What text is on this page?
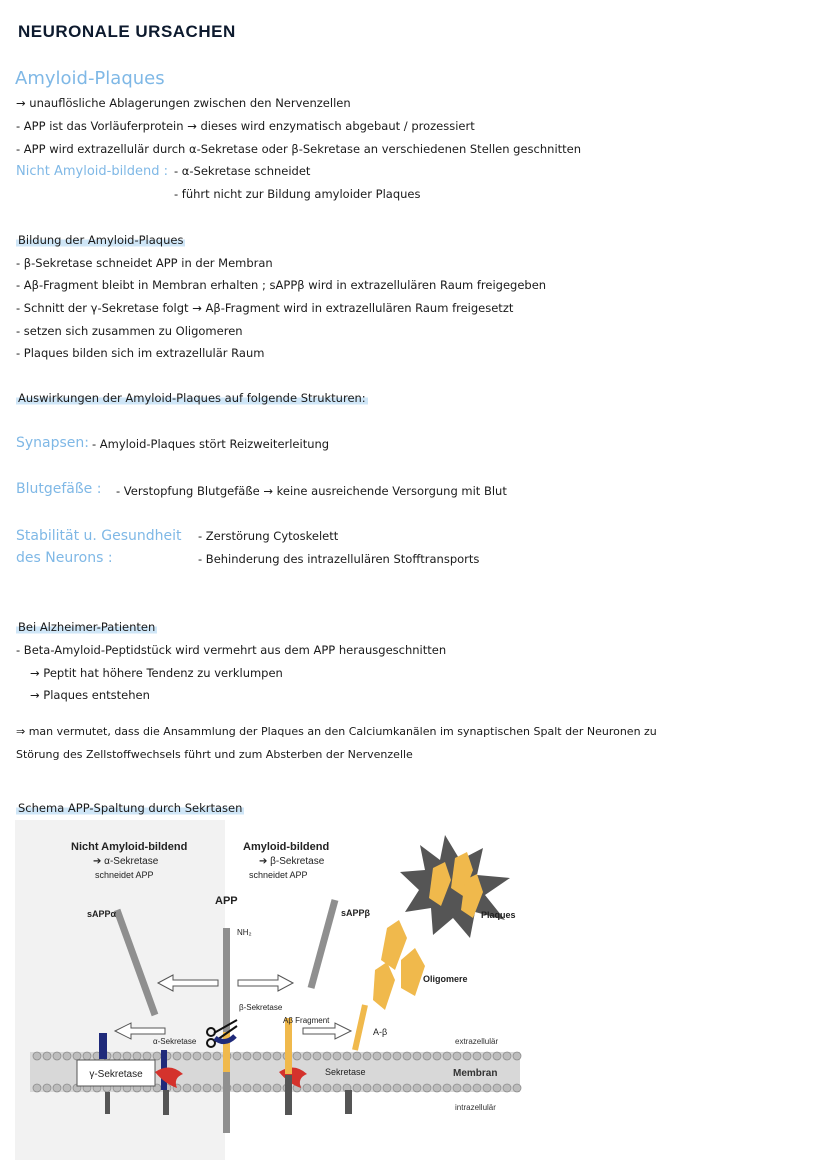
NEURONALE URSACHEN
Amyloid-Plaques
→ unauflösliche Ablagerungen zwischen den Nervenzellen
- APP ist das Vorläuferprotein → dieses wird enzymatisch abgebaut / prozessiert
- APP wird extrazellulär durch α-Sekretase oder β-Sekretase an verschiedenen Stellen geschnitten
Nicht Amyloid-bildend : - α-Sekretase schneidet
- führt nicht zur Bildung amyloider Plaques
Bildung der Amyloid-Plaques
- β-Sekretase schneidet APP in der Membran
- Aβ-Fragment bleibt in Membran erhalten ; sAPPβ wird in extrazellulären Raum freigegeben
- Schnitt der γ-Sekretase folgt → Aβ-Fragment wird in extrazellulären Raum freigesetzt
- setzen sich zusammen zu Oligomeren
- Plaques bilden sich im extrazellulär Raum
Auswirkungen der Amyloid-Plaques auf folgende Strukturen:
Synapsen: - Amyloid-Plaques stört Reizweiterleitung
Blutgefäße : - Verstopfung Blutgefäße → keine ausreichende Versorgung mit Blut
Stabilität u. Gesundheit
des Neurons :
- Zerstörung Cytoskelett
- Behinderung des intrazellulären Stofftransports
Bei Alzheimer-Patienten
- Beta-Amyloid-Peptidstück wird vermehrt aus dem APP herausgeschnitten
→ Peptit hat höhere Tendenz zu verklumpen
→ Plaques entstehen
⇒ man vermutet, dass die Ansammlung der Plaques an den Calciumkanälen im synaptischen Spalt der Neuronen zu
Störung des Zellstoffwechsels führt und zum Absterben der Nervenzelle
Schema APP-Spaltung durch Sekrtasen
γ-Sekretase
sAPPα
APP
NH₂
α-Sekretase
β-Sekretase
Aβ Fragment
Sekretase
sAPPβ
A-β
Oligomere
Plaques
Nicht Amyloid-bildend
➔ α-Sekretase
schneidet APP
Amyloid-bildend
➔ β-Sekretase
schneidet APP
extrazellulär
Membran
intrazellulär
